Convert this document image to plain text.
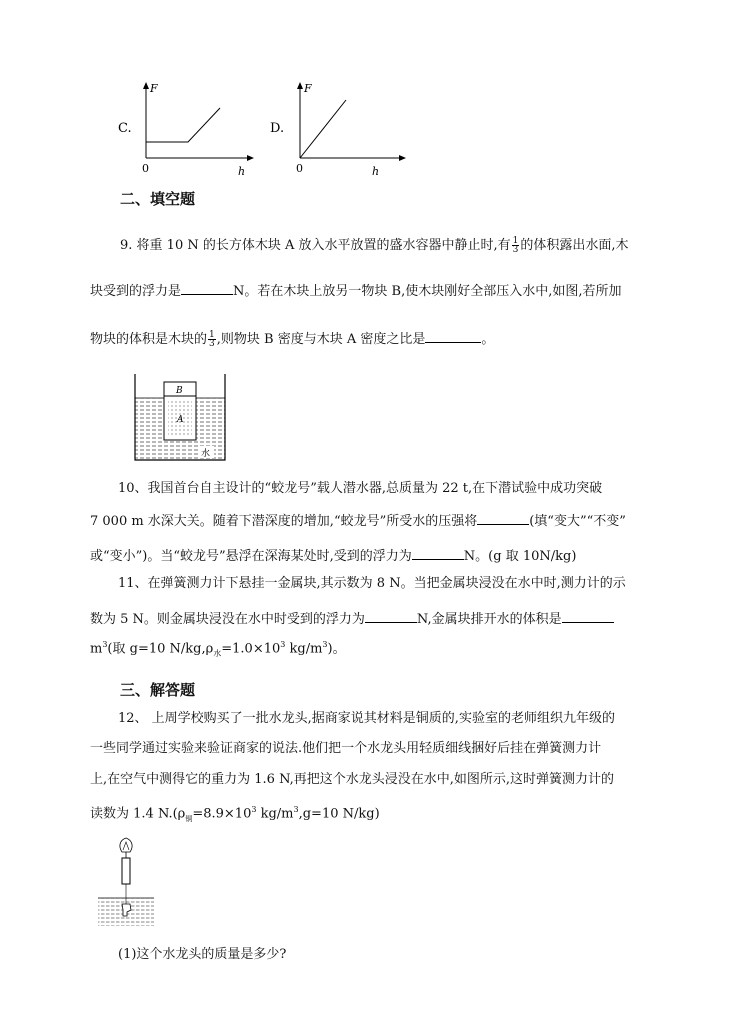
C.
F
0	h
D.
F
0	h
二、填空题
9. 将重 10 N 的长方体木块 A 放入水平放置的盛水容器中静止时,有 $\frac{1}{3}$ 的体积露出水面,木
块受到的浮力是	N。若在木块上放另一物块 B,使木块刚好全部压入水中,如图,若所加
物块的体积是木块的 $\frac{1}{3}$ ,则物块 B 密度与木块 A 密度之比是	。
B
A
水
10、我国首台自主设计的“蛟龙号”载人潜水器,总质量为 22 t,在下潜试验中成功突破
7 000 m 水深大关。随着下潜深度的增加,“蛟龙号”所受水的压强将	(填“变大”“不变”
或“变小”)。当“蛟龙号”悬浮在深海某处时,受到的浮力为	N。(g 取 10N/kg)
11、在弹簧测力计下悬挂一金属块,其示数为 8 N。当把金属块浸没在水中时,测力计的示
数为 5 N。则金属块浸没在水中时受到的浮力为	N,金属块排开水的体积是
$m^3$(取 g=10 $N/kg,\rho_水=1.0\times 10^3$ $kg/m^3$)。
三、解答题
12、 上周学校购买了一批水龙头,据商家说其材料是铜质的,实验室的老师组织九年级的
一些同学通过实验来验证商家的说法.他们把一个水龙头用轻质细线捆好后挂在弹簧测力计
上,在空气中测得它的重力为 1.6 N,再把这个水龙头浸没在水中,如图所示,这时弹簧测力计的
读数为 1.4 $N.(\rho_铜=8.9\times 10^3$ $kg/m^3,g=10$ N/kg)
(1)这个水龙头的质量是多少?
